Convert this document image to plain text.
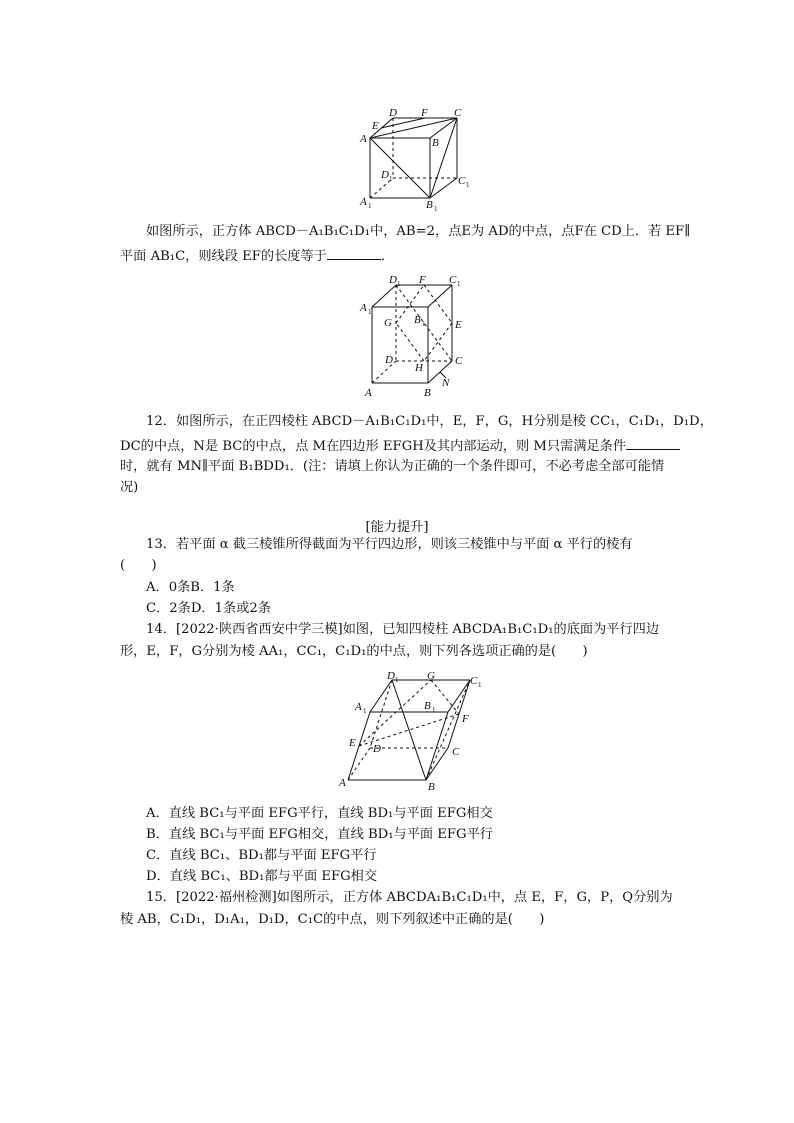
D F C
E
A	B
D 1	C 1
A 1	B 1
如图所示，正方体 ABCD－A₁B₁C₁D₁中，AB=2，点E为 AD的中点，点F在 CD上．若 EF∥
平面 AB₁C，则线段 EF的长度等于	．
D 1 F C 1
A 1
G B 1	E
D	C
H
N
A	B
12．如图所示，在正四棱柱 ABCD－A₁B₁C₁D₁中，E，F，G，H分别是棱 CC₁，C₁D₁，D₁D，
DC的中点，N是 BC的中点，点 M在四边形 EFGH及其内部运动，则 M只需满足条件
时，就有 MN∥平面 B₁BDD₁．(注：请填上你认为正确的一个条件即可，不必考虑全部可能情
况)
[能力提升]
13．若平面 α 截三棱锥所得截面为平行四边形，则该三棱锥中与平面 α 平行的棱有
(　　)
A．0条B．1条
C．2条D．1条或2条
14．[2022·陕西省西安中学三模]如图，已知四棱柱 ABCDA₁B₁C₁D₁的底面为平行四边
形，E，F，G分别为棱 AA₁，CC₁，C₁D₁的中点，则下列各选项正确的是(　　)
D 1	G	C 1
A 1	B 1
F
E D	C
A	B
A．直线 BC₁与平面 EFG平行，直线 BD₁与平面 EFG相交
B．直线 BC₁与平面 EFG相交，直线 BD₁与平面 EFG平行
C．直线 BC₁、BD₁都与平面 EFG平行
D．直线 BC₁、BD₁都与平面 EFG相交
15．[2022·福州检测]如图所示，正方体 ABCDA₁B₁C₁D₁中，点 E，F，G，P，Q分别为
棱 AB，C₁D₁，D₁A₁，D₁D，C₁C的中点，则下列叙述中正确的是(　　)
